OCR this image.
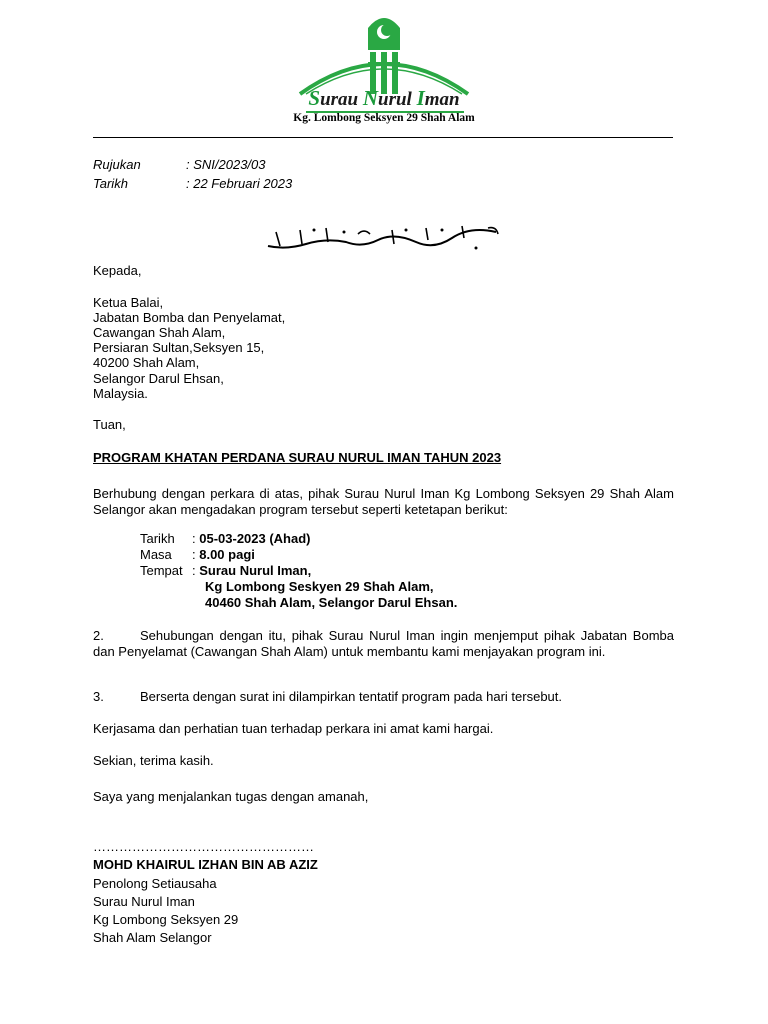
Surau Nurul Iman
Kg. Lombong Seksyen 29 Shah Alam
Rujukan	: SNI/2023/03
Tarikh	: 22 Februari 2023
Kepada,
Ketua Balai,
Jabatan Bomba dan Penyelamat,
Cawangan Shah Alam,
Persiaran Sultan,Seksyen 15,
40200 Shah Alam,
Selangor Darul Ehsan,
Malaysia.
Tuan,
PROGRAM KHATAN PERDANA SURAU NURUL IMAN TAHUN 2023
Berhubung dengan perkara di atas, pihak Surau Nurul Iman Kg Lombong Seksyen 29 Shah Alam Selangor akan mengadakan program tersebut seperti ketetapan berikut:
Tarikh : 05-03-2023 (Ahad)
Masa : 8.00 pagi
Tempat : Surau Nurul Iman,
Kg Lombong Seskyen 29 Shah Alam,
40460 Shah Alam, Selangor Darul Ehsan.
2.	Sehubungan dengan itu, pihak Surau Nurul Iman ingin menjemput pihak Jabatan Bomba dan Penyelamat (Cawangan Shah Alam) untuk membantu kami menjayakan program ini.
3.	Berserta dengan surat ini dilampirkan tentatif program pada hari tersebut.
Kerjasama dan perhatian tuan terhadap perkara ini amat kami hargai.
Sekian, terima kasih.
Saya yang menjalankan tugas dengan amanah,
……………………………………………
MOHD KHAIRUL IZHAN BIN AB AZIZ
Penolong Setiausaha
Surau Nurul Iman
Kg Lombong Seksyen 29
Shah Alam Selangor
